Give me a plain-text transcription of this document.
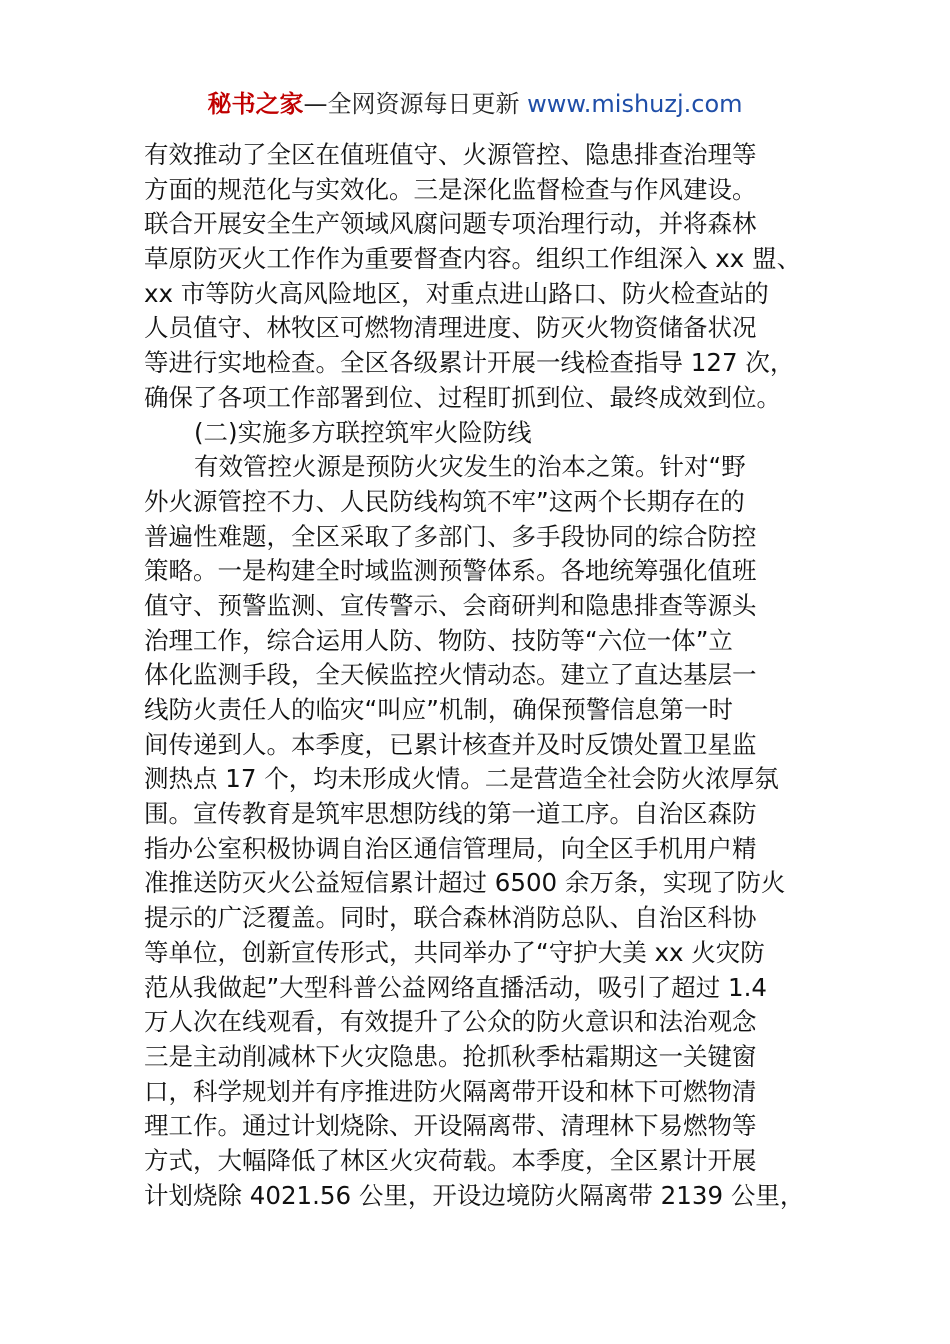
秘书之家—全网资源每日更新 www.mishuzj.com
有效推动了全区在值班值守、火源管控、隐患排查治理等
方面的规范化与实效化。三是深化监督检查与作风建设。
联合开展安全生产领域风腐问题专项治理行动，并将森林
草原防灭火工作作为重要督查内容。组织工作组深入 xx 盟、
xx 市等防火高风险地区，对重点进山路口、防火检查站的
人员值守、林牧区可燃物清理进度、防灭火物资储备状况
等进行实地检查。全区各级累计开展一线检查指导 127 次，
确保了各项工作部署到位、过程盯抓到位、最终成效到位。
(二)实施多方联控筑牢火险防线
有效管控火源是预防火灾发生的治本之策。针对“野
外火源管控不力、人民防线构筑不牢”这两个长期存在的
普遍性难题，全区采取了多部门、多手段协同的综合防控
策略。一是构建全时域监测预警体系。各地统筹强化值班
值守、预警监测、宣传警示、会商研判和隐患排查等源头
治理工作，综合运用人防、物防、技防等“六位一体”立
体化监测手段，全天候监控火情动态。建立了直达基层一
线防火责任人的临灾“叫应”机制，确保预警信息第一时
间传递到人。本季度，已累计核查并及时反馈处置卫星监
测热点 17 个，均未形成火情。二是营造全社会防火浓厚氛
围。宣传教育是筑牢思想防线的第一道工序。自治区森防
指办公室积极协调自治区通信管理局，向全区手机用户精
准推送防灭火公益短信累计超过 6500 余万条，实现了防火
提示的广泛覆盖。同时，联合森林消防总队、自治区科协
等单位，创新宣传形式，共同举办了“守护大美 xx 火灾防
范从我做起”大型科普公益网络直播活动，吸引了超过 1.4
万人次在线观看，有效提升了公众的防火意识和法治观念
三是主动削减林下火灾隐患。抢抓秋季枯霜期这一关键窗
口，科学规划并有序推进防火隔离带开设和林下可燃物清
理工作。通过计划烧除、开设隔离带、清理林下易燃物等
方式，大幅降低了林区火灾荷载。本季度，全区累计开展
计划烧除 4021.56 公里，开设边境防火隔离带 2139 公里，
